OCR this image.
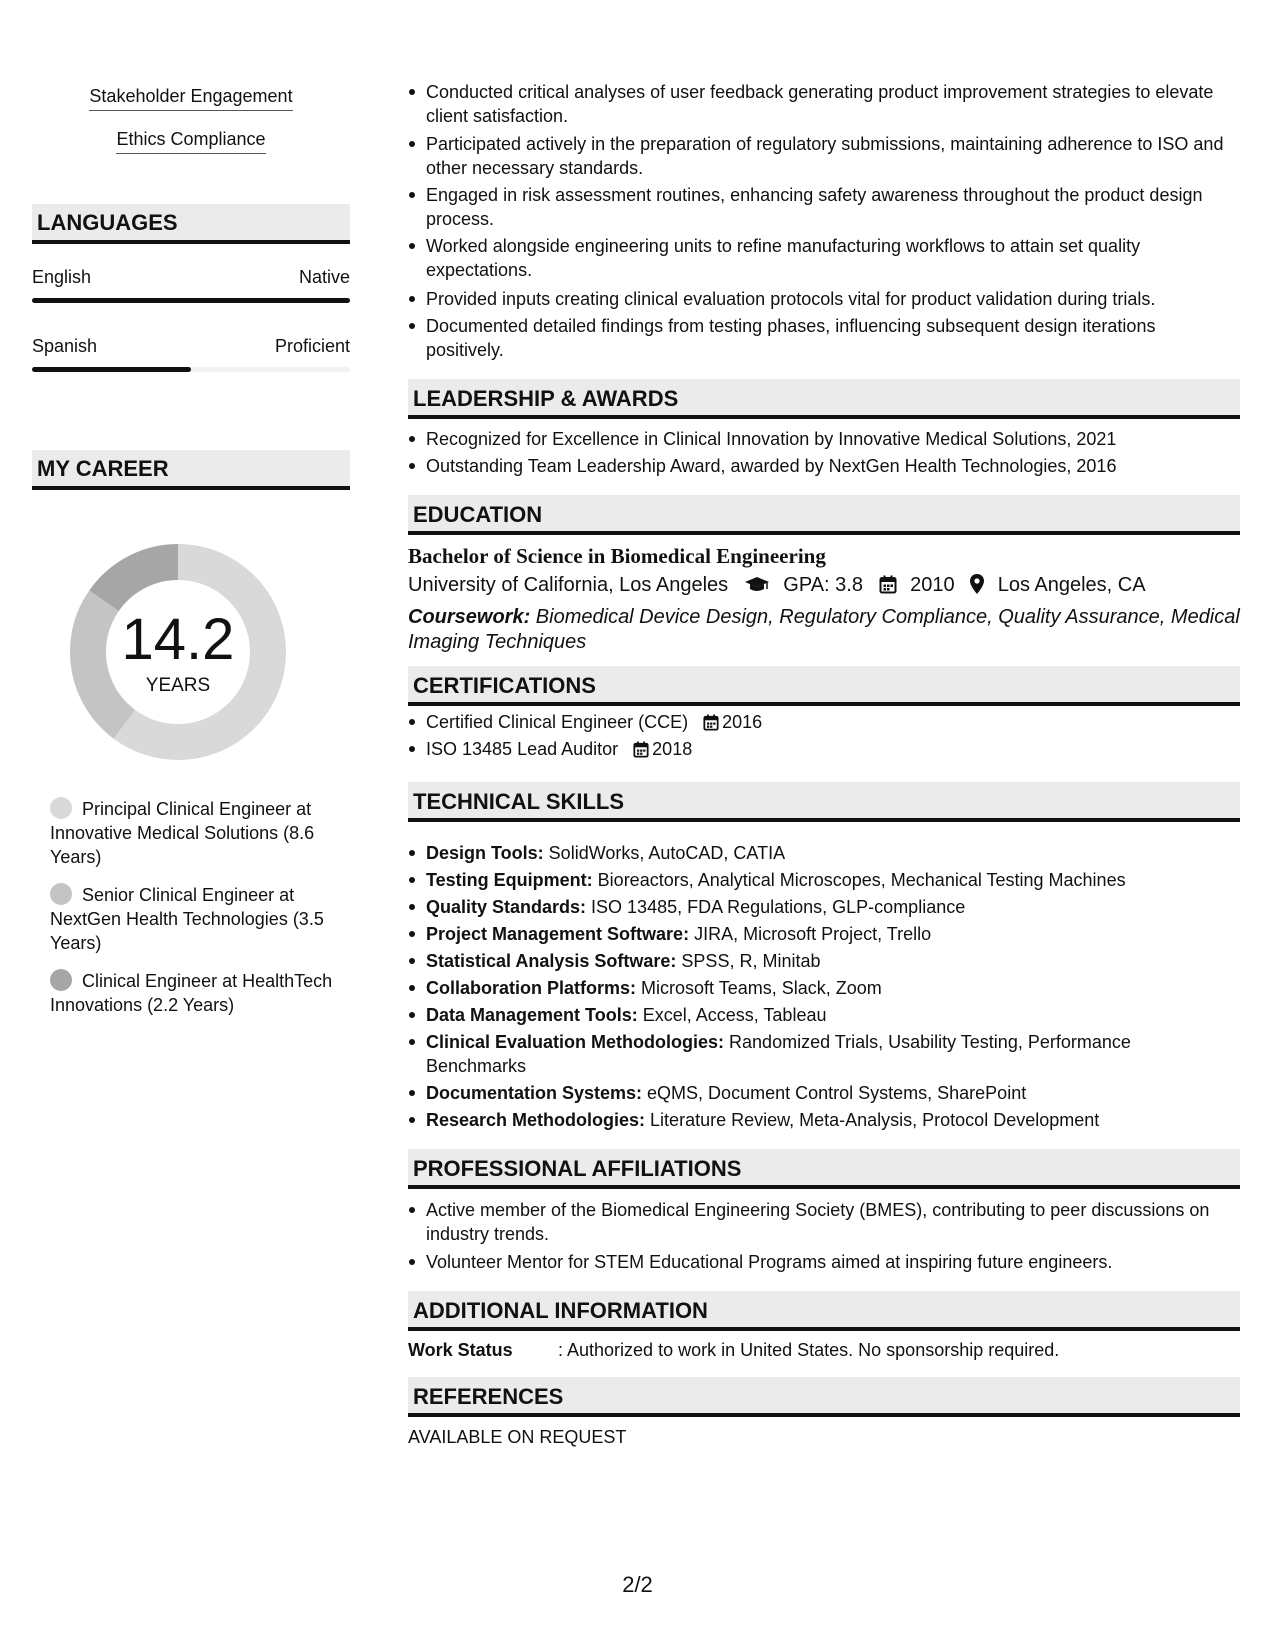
Stakeholder Engagement
Ethics Compliance
LANGUAGES
English	Native
Spanish	Proficient
MY CAREER
14.2
YEARS
Principal Clinical Engineer at Innovative Medical Solutions (8.6 Years)
Senior Clinical Engineer at NextGen Health Technologies (3.5 Years)
Clinical Engineer at HealthTech Innovations (2.2 Years)
Conducted critical analyses of user feedback generating product improvement strategies to elevate client satisfaction.
Participated actively in the preparation of regulatory submissions, maintaining adherence to ISO and other necessary standards.
Engaged in risk assessment routines, enhancing safety awareness throughout the product design process.
Worked alongside engineering units to refine manufacturing workflows to attain set quality expectations.
Provided inputs creating clinical evaluation protocols vital for product validation during trials.
Documented detailed findings from testing phases, influencing subsequent design iterations positively.
LEADERSHIP & AWARDS
Recognized for Excellence in Clinical Innovation by Innovative Medical Solutions, 2021
Outstanding Team Leadership Award, awarded by NextGen Health Technologies, 2016
EDUCATION
Bachelor of Science in Biomedical Engineering
University of California, Los Angeles	GPA: 3.8 2010 Los Angeles, CA
Coursework: Biomedical Device Design, Regulatory Compliance, Quality Assurance, Medical Imaging Techniques
CERTIFICATIONS
Certified Clinical Engineer (CCE) 2016
ISO 13485 Lead Auditor 2018
TECHNICAL SKILLS
Design Tools: SolidWorks, AutoCAD, CATIA
Testing Equipment: Bioreactors, Analytical Microscopes, Mechanical Testing Machines
Quality Standards: ISO 13485, FDA Regulations, GLP-compliance
Project Management Software: JIRA, Microsoft Project, Trello
Statistical Analysis Software: SPSS, R, Minitab
Collaboration Platforms: Microsoft Teams, Slack, Zoom
Data Management Tools: Excel, Access, Tableau
Clinical Evaluation Methodologies: Randomized Trials, Usability Testing, Performance Benchmarks
Documentation Systems: eQMS, Document Control Systems, SharePoint
Research Methodologies: Literature Review, Meta-Analysis, Protocol Development
PROFESSIONAL AFFILIATIONS
Active member of the Biomedical Engineering Society (BMES), contributing to peer discussions on industry trends.
Volunteer Mentor for STEM Educational Programs aimed at inspiring future engineers.
ADDITIONAL INFORMATION
Work Status	: Authorized to work in United States. No sponsorship required.
REFERENCES
AVAILABLE ON REQUEST
2/2
